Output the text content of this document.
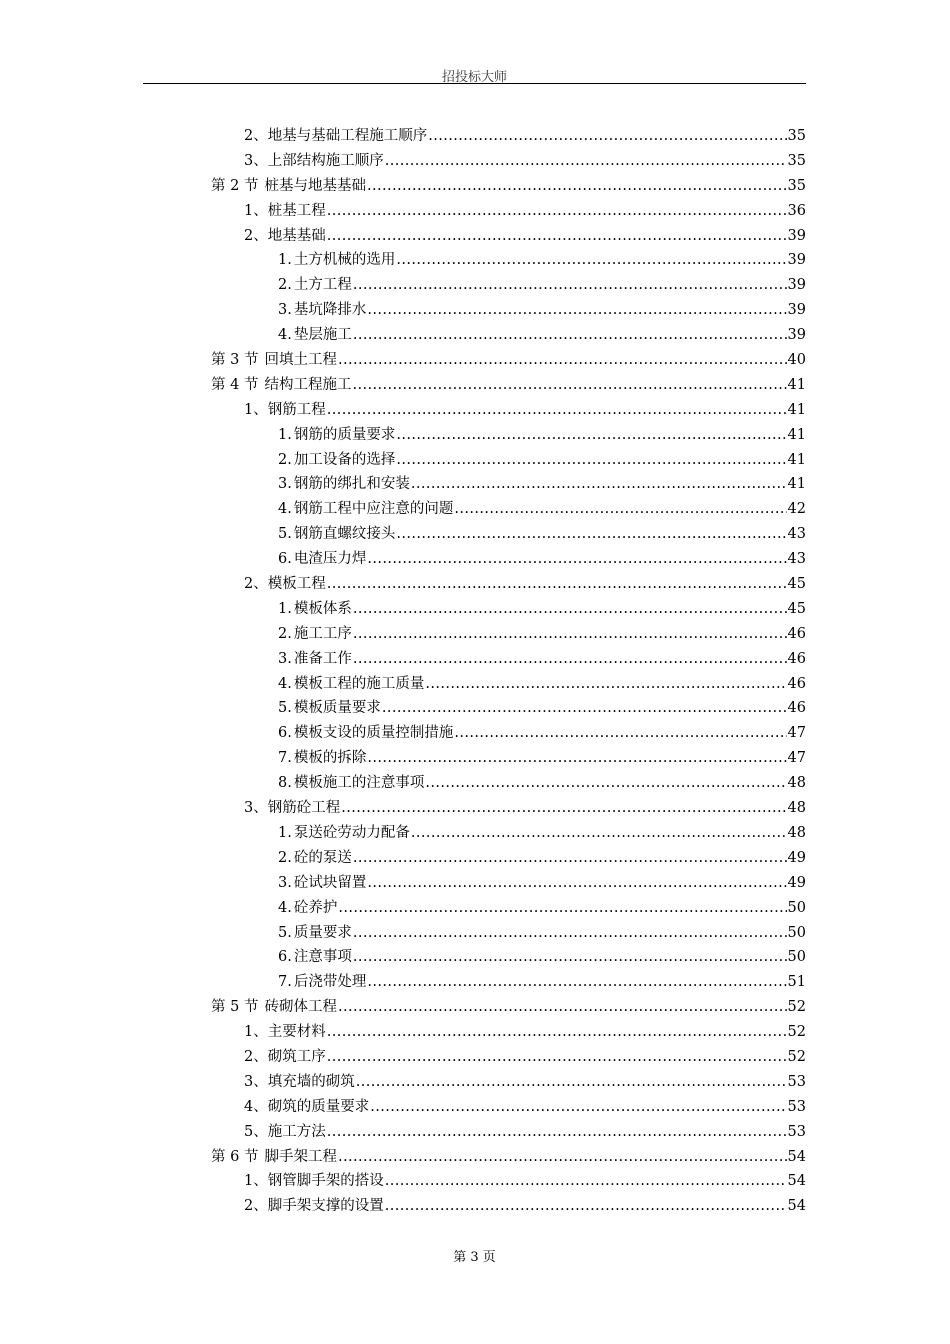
招投标大师
2、 地基与基础工程施工顺序 .....	35
3、 上部结构施工顺序 .....	35
第 2 节 桩基与地基基础 .....	35
1、 桩基工程 .....	36
2、 地基基础 .....	39
1. 土方机械的选用 .....	39
2. 土方工程 .....	39
3. 基坑降排水 .....	39
4. 垫层施工 .....	39
第 3 节 回填土工程 .....	40
第 4 节 结构工程施工 .....	41
1、 钢筋工程 .....	41
1. 钢筋的质量要求 .....	41
2. 加工设备的选择 .....	41
3. 钢筋的绑扎和安装 .....	41
4. 钢筋工程中应注意的问题 .....	42
5. 钢筋直螺纹接头 .....	43
6. 电渣压力焊 .....	43
2、 模板工程 .....	45
1. 模板体系 .....	45
2. 施工工序 .....	46
3. 准备工作 .....	46
4. 模板工程的施工质量 .....	46
5. 模板质量要求 .....	46
6. 模板支设的质量控制措施 .....	47
7. 模板的拆除 .....	47
8. 模板施工的注意事项 .....	48
3、 钢筋砼工程 .....	48
1. 泵送砼劳动力配备 .....	48
2. 砼的泵送 .....	49
3. 砼试块留置 .....	49
4. 砼养护 .....	50
5. 质量要求 .....	50
6. 注意事项 .....	50
7. 后浇带处理 .....	51
第 5 节 砖砌体工程 .....	52
1、 主要材料 .....	52
2、 砌筑工序 .....	52
3、 填充墙的砌筑 .....	53
4、 砌筑的质量要求 .....	53
5、 施工方法 .....	53
第 6 节 脚手架工程 .....	54
1、 钢管脚手架的搭设 .....	54
2、 脚手架支撑的设置 .....	54
第 3 页
